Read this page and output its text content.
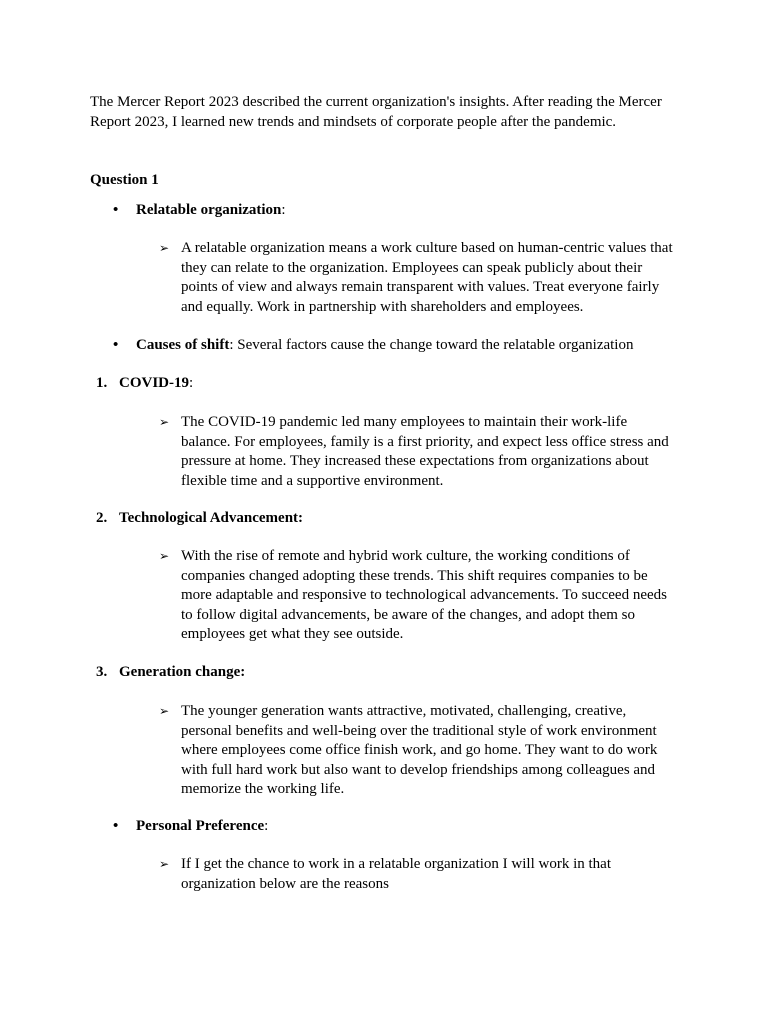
The Mercer Report 2023 described the current organization's insights. After reading the Mercer Report 2023, I learned new trends and mindsets of corporate people after the pandemic.

Question 1

• Relatable organization:

➢ A relatable organization means a work culture based on human-centric values that they can relate to the organization. Employees can speak publicly about their points of view and always remain transparent with values. Treat everyone fairly and equally. Work in partnership with shareholders and employees.

• Causes of shift: Several factors cause the change toward the relatable organization

1. COVID-19:

➢ The COVID-19 pandemic led many employees to maintain their work-life balance. For employees, family is a first priority, and expect less office stress and pressure at home. They increased these expectations from organizations about flexible time and a supportive environment.

2. Technological Advancement:

➢ With the rise of remote and hybrid work culture, the working conditions of companies changed adopting these trends. This shift requires companies to be more adaptable and responsive to technological advancements. To succeed needs to follow digital advancements, be aware of the changes, and adopt them so employees get what they see outside.

3. Generation change:

➢ The younger generation wants attractive, motivated, challenging, creative, personal benefits and well-being over the traditional style of work environment where employees come office finish work, and go home. They want to do work with full hard work but also want to develop friendships among colleagues and memorize the working life.

• Personal Preference:

➢ If I get the chance to work in a relatable organization I will work in that organization below are the reasons
